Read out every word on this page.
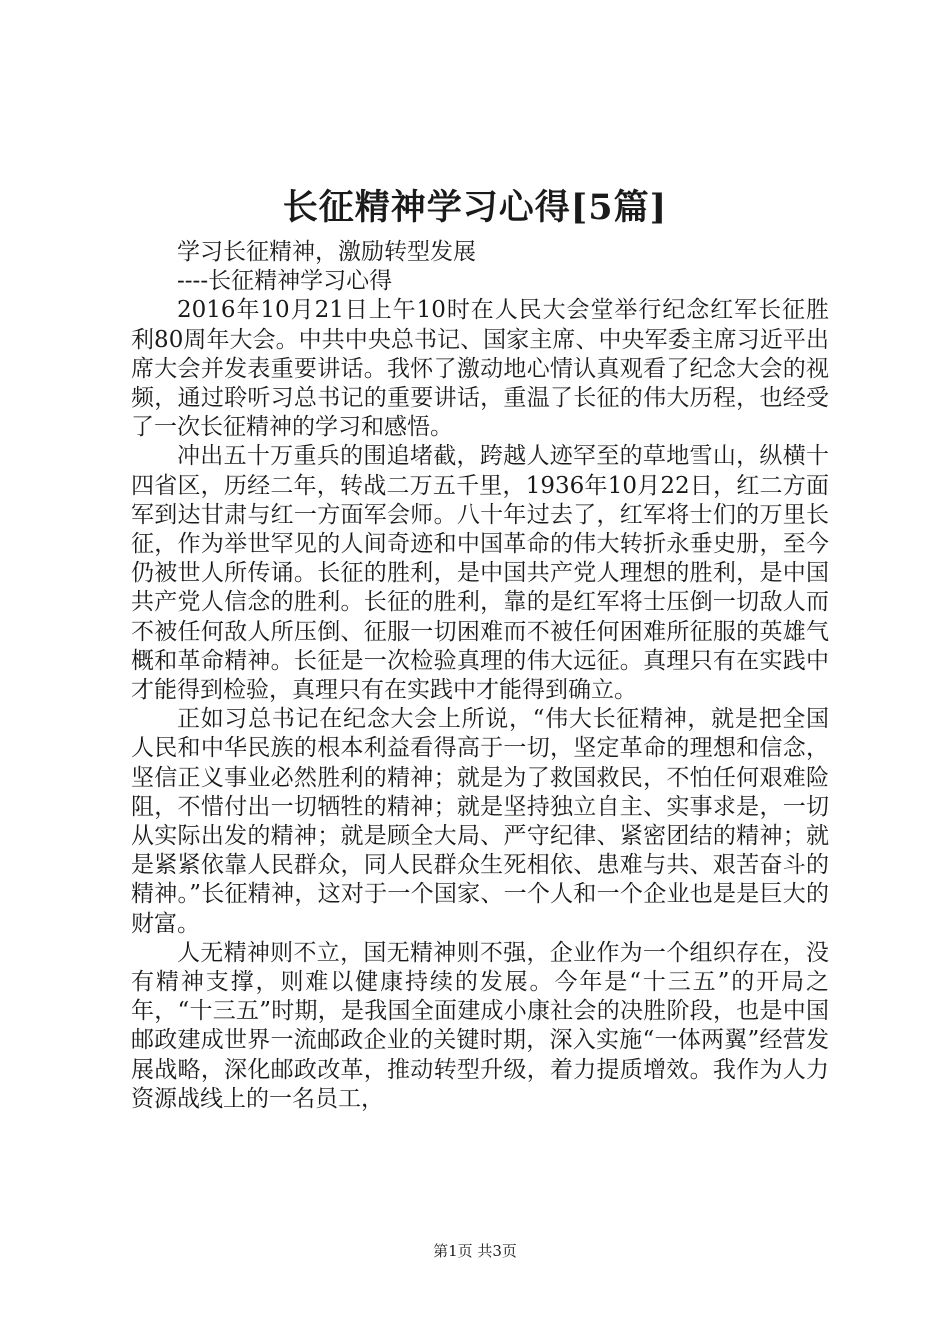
长征精神学习心得[5篇]

学习长征精神，激励转型发展

----长征精神学习心得

2016年10月21日上午10时在人民大会堂举行纪念红军长征胜利80周年大会。中共中央总书记、国家主席、中央军委主席习近平出席大会并发表重要讲话。我怀了激动地心情认真观看了纪念大会的视频，通过聆听习总书记的重要讲话，重温了长征的伟大历程，也经受了一次长征精神的学习和感悟。

冲出五十万重兵的围追堵截，跨越人迹罕至的草地雪山，纵横十四省区，历经二年，转战二万五千里，1936年10月22日，红二方面军到达甘肃与红一方面军会师。八十年过去了，红军将士们的万里长征，作为举世罕见的人间奇迹和中国革命的伟大转折永垂史册，至今仍被世人所传诵。长征的胜利，是中国共产党人理想的胜利，是中国共产党人信念的胜利。长征的胜利，靠的是红军将士压倒一切敌人而不被任何敌人所压倒、征服一切困难而不被任何困难所征服的英雄气概和革命精神。长征是一次检验真理的伟大远征。真理只有在实践中才能得到检验，真理只有在实践中才能得到确立。

正如习总书记在纪念大会上所说，“伟大长征精神，就是把全国人民和中华民族的根本利益看得高于一切，坚定革命的理想和信念，坚信正义事业必然胜利的精神；就是为了救国救民，不怕任何艰难险阻，不惜付出一切牺牲的精神；就是坚持独立自主、实事求是，一切从实际出发的精神；就是顾全大局、严守纪律、紧密团结的精神；就是紧紧依靠人民群众，同人民群众生死相依、患难与共、艰苦奋斗的精神。”长征精神，这对于一个国家、一个人和一个企业也是是巨大的财富。

人无精神则不立，国无精神则不强，企业作为一个组织存在，没有精神支撑，则难以健康持续的发展。今年是“十三五”的开局之年，“十三五”时期，是我国全面建成小康社会的决胜阶段，也是中国邮政建成世界一流邮政企业的关键时期，深入实施“一体两翼”经营发展战略，深化邮政改革，推动转型升级，着力提质增效。我作为人力资源战线上的一名员工，

第1页 共3页
